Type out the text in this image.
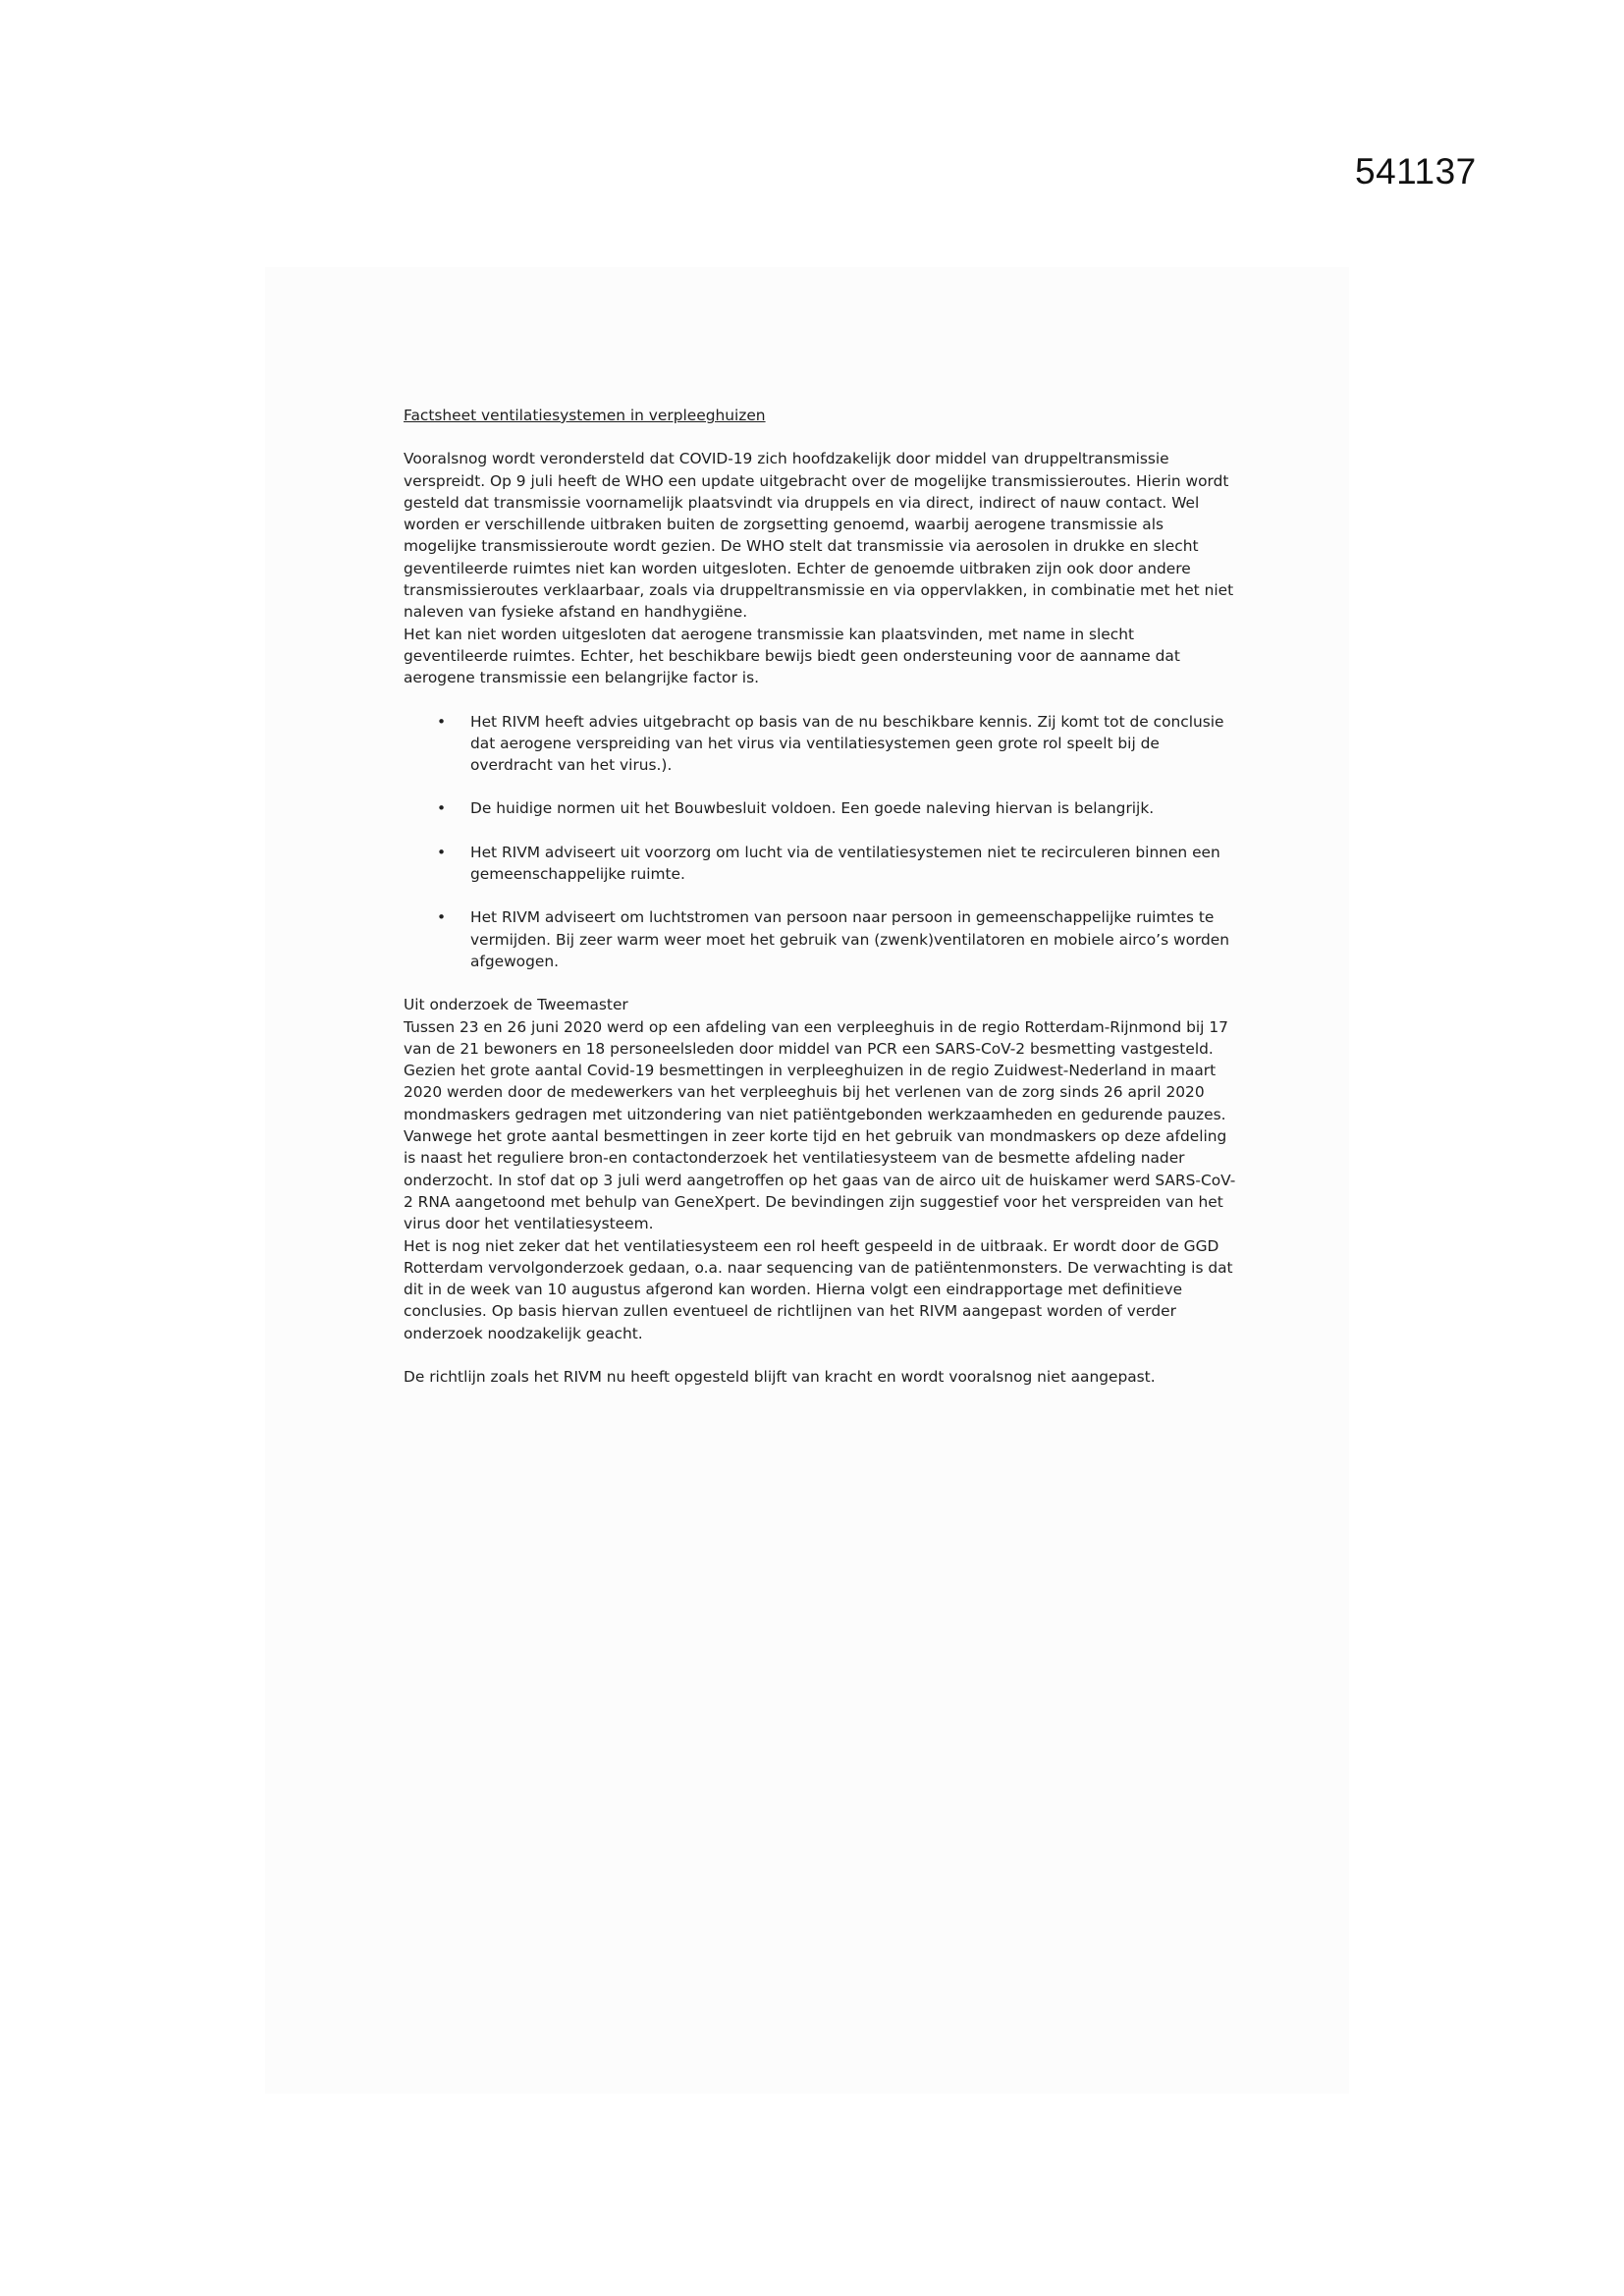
541137

Factsheet ventilatiesystemen in verpleeghuizen

Vooralsnog wordt verondersteld dat COVID-19 zich hoofdzakelijk door middel van druppeltransmissie verspreidt. Op 9 juli heeft de WHO een update uitgebracht over de mogelijke transmissieroutes. Hierin wordt gesteld dat transmissie voornamelijk plaatsvindt via druppels en via direct, indirect of nauw contact. Wel worden er verschillende uitbraken buiten de zorgsetting genoemd, waarbij aerogene transmissie als mogelijke transmissieroute wordt gezien. De WHO stelt dat transmissie via aerosolen in drukke en slecht geventileerde ruimtes niet kan worden uitgesloten. Echter de genoemde uitbraken zijn ook door andere transmissieroutes verklaarbaar, zoals via druppeltransmissie en via oppervlakken, in combinatie met het niet naleven van fysieke afstand en handhygiëne.

Het kan niet worden uitgesloten dat aerogene transmissie kan plaatsvinden, met name in slecht geventileerde ruimtes. Echter, het beschikbare bewijs biedt geen ondersteuning voor de aanname dat aerogene transmissie een belangrijke factor is.

• Het RIVM heeft advies uitgebracht op basis van de nu beschikbare kennis. Zij komt tot de conclusie dat aerogene verspreiding van het virus via ventilatiesystemen geen grote rol speelt bij de overdracht van het virus.).
• De huidige normen uit het Bouwbesluit voldoen. Een goede naleving hiervan is belangrijk.
• Het RIVM adviseert uit voorzorg om lucht via de ventilatiesystemen niet te recirculeren binnen een gemeenschappelijke ruimte.
• Het RIVM adviseert om luchtstromen van persoon naar persoon in gemeenschappelijke ruimtes te vermijden. Bij zeer warm weer moet het gebruik van (zwenk)ventilatoren en mobiele airco’s worden afgewogen.

Uit onderzoek de Tweemaster

Tussen 23 en 26 juni 2020 werd op een afdeling van een verpleeghuis in de regio Rotterdam-Rijnmond bij 17 van de 21 bewoners en 18 personeelsleden door middel van PCR een SARS-CoV-2 besmetting vastgesteld. Gezien het grote aantal Covid-19 besmettingen in verpleeghuizen in de regio Zuidwest-Nederland in maart 2020 werden door de medewerkers van het verpleeghuis bij het verlenen van de zorg sinds 26 april 2020 mondmaskers gedragen met uitzondering van niet patiëntgebonden werkzaamheden en gedurende pauzes. Vanwege het grote aantal besmettingen in zeer korte tijd en het gebruik van mondmaskers op deze afdeling is naast het reguliere bron-en contactonderzoek het ventilatiesysteem van de besmette afdeling nader onderzocht. In stof dat op 3 juli werd aangetroffen op het gaas van de airco uit de huiskamer werd SARS-CoV-2 RNA aangetoond met behulp van GeneXpert. De bevindingen zijn suggestief voor het verspreiden van het virus door het ventilatiesysteem.

Het is nog niet zeker dat het ventilatiesysteem een rol heeft gespeeld in de uitbraak. Er wordt door de GGD Rotterdam vervolgonderzoek gedaan, o.a. naar sequencing van de patiëntenmonsters. De verwachting is dat dit in de week van 10 augustus afgerond kan worden. Hierna volgt een eindrapportage met definitieve conclusies. Op basis hiervan zullen eventueel de richtlijnen van het RIVM aangepast worden of verder onderzoek noodzakelijk geacht.

De richtlijn zoals het RIVM nu heeft opgesteld blijft van kracht en wordt vooralsnog niet aangepast.
